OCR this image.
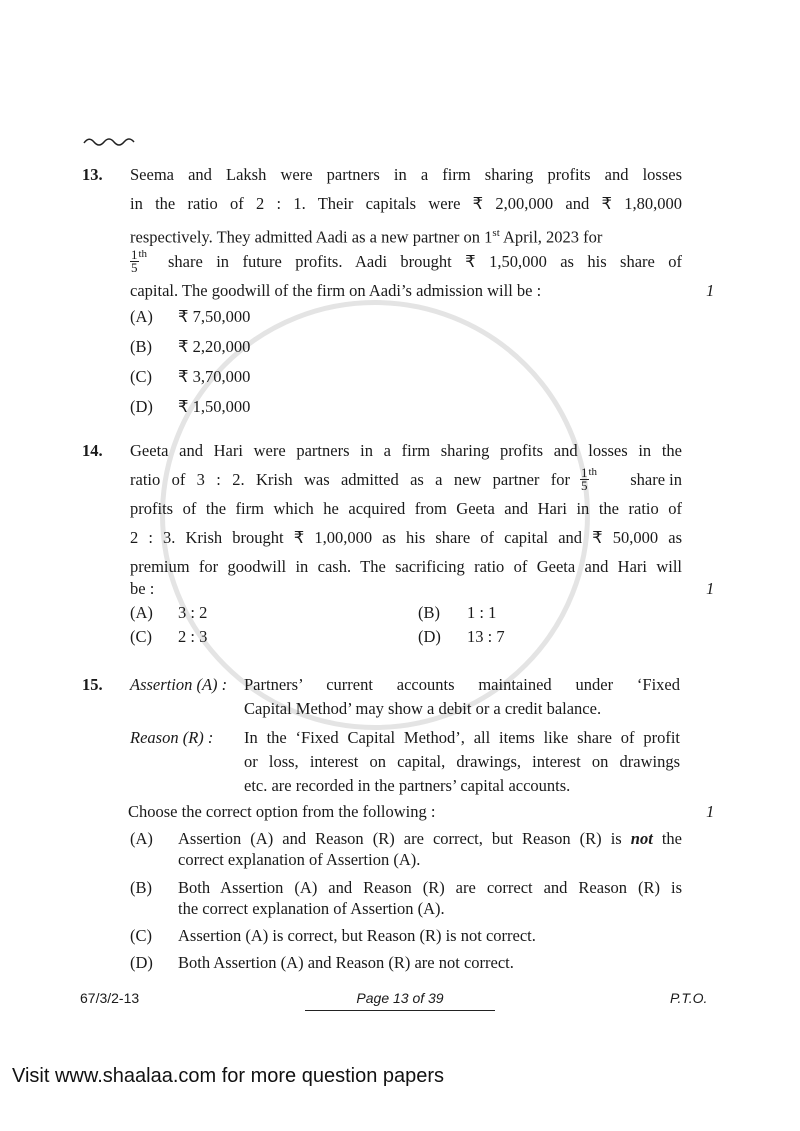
13. Seema and Laksh were partners in a firm sharing profits and losses
in the ratio of 2 : 1. Their capitals were ₹ 2,00,000 and ₹ 1,80,000
respectively. They admitted Aadi as a new partner on 1st April, 2023 for
$\frac{1}{5} ^{th}$ share in future profits. Aadi brought ₹ 1,50,000 as his share of
capital. The goodwill of the firm on Aadi’s admission will be :	1
(A) ₹ 7,50,000
(B) ₹ 2,20,000
(C) ₹ 3,70,000
(D) ₹ 1,50,000
14. Geeta and Hari were partners in a firm sharing profits and losses in the
ratio of 3 : 2. Krish was admitted as a new partner for $\frac{1}{5} ^{th}$	share in
profits of the firm which he acquired from Geeta and Hari in the ratio of
2 : 3. Krish brought ₹ 1,00,000 as his share of capital and ₹ 50,000 as
premium for goodwill in cash. The sacrificing ratio of Geeta and Hari will
be :	1
(A) 3 : 2	(B) 1 : 1
(C) 2 : 3	(D) 13 : 7
15. Assertion (A) : Partners’ current accounts maintained under ‘Fixed
Capital Method’ may show a debit or a credit balance.
Reason (R) : In the ‘Fixed Capital Method’, all items like share of profit
or loss, interest on capital, drawings, interest on drawings
etc. are recorded in the partners’ capital accounts.
Choose the correct option from the following :	1
(A) Assertion (A) and Reason (R) are correct, but Reason (R) is not the
correct explanation of Assertion (A).
(B) Both Assertion (A) and Reason (R) are correct and Reason (R) is
the correct explanation of Assertion (A).
(C) Assertion (A) is correct, but Reason (R) is not correct.
(D) Both Assertion (A) and Reason (R) are not correct.
67/3/2-13	Page 13 of 39	P.T.O.
Visit www.shaalaa.com for more question papers
